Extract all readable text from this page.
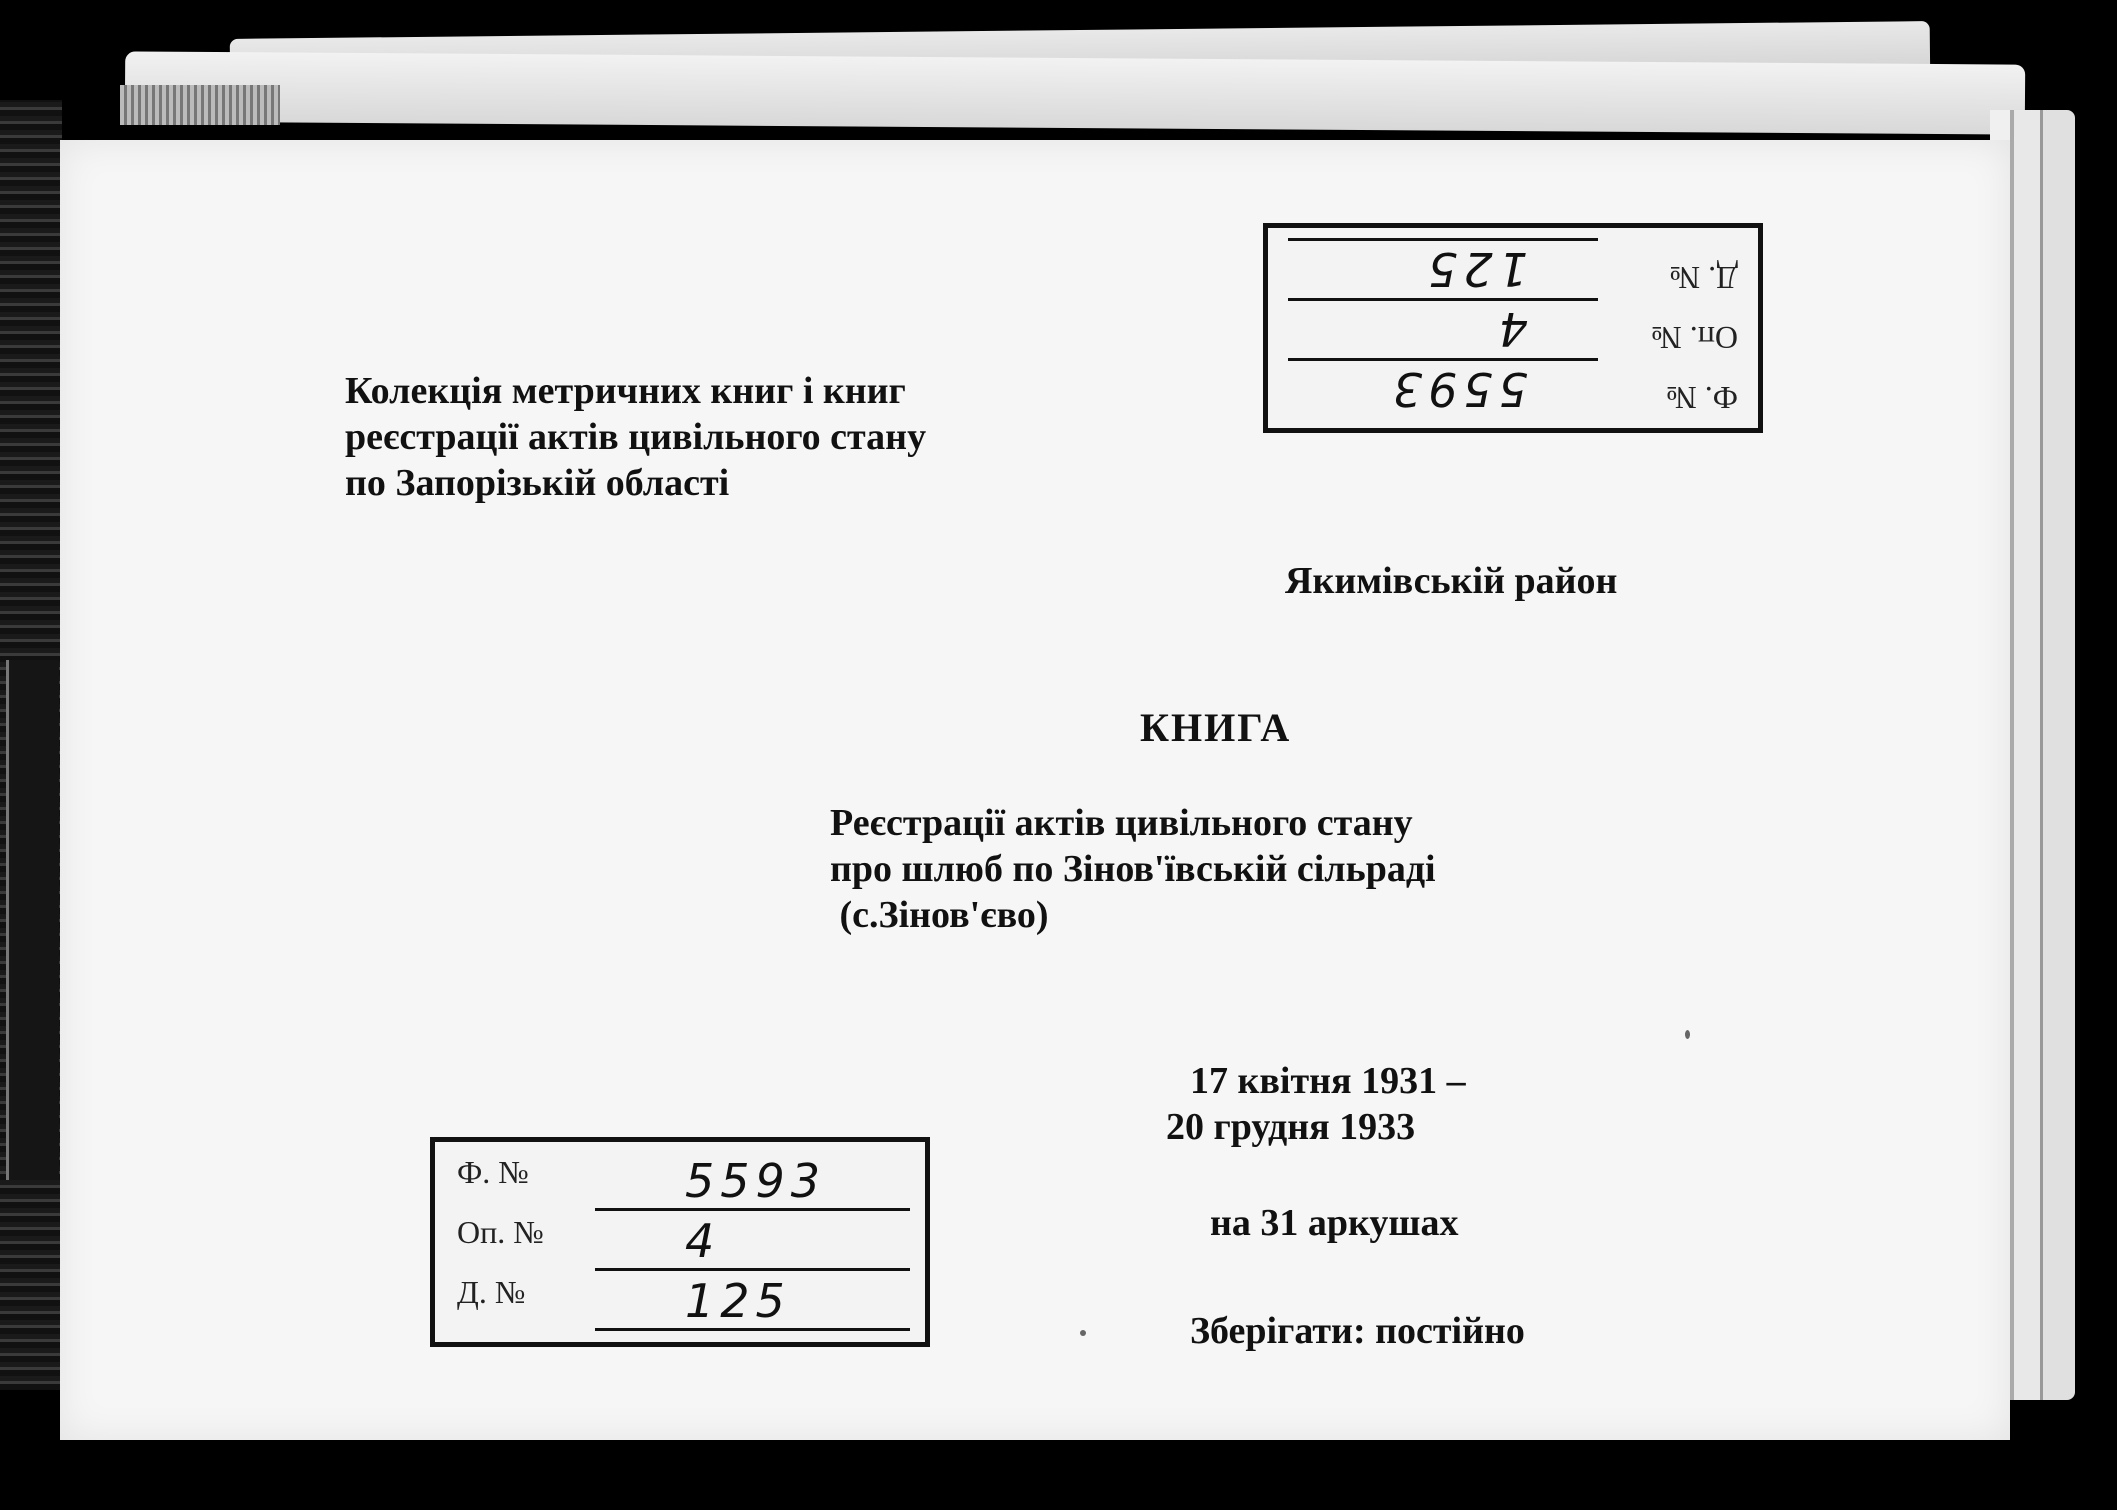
Ф. №
5593
Оп. №
4
Д. №
125
Колекція метричних книг і книг
реєстрації актів цивільного стану
по Запорізькій області
Якимівській район
КНИГА
Реєстрації актів цивільного стану
про шлюб по Зінов'ївській сільраді
(с.Зінов'єво)
17 квітня 1931 –
20 грудня 1933
на 31 аркушах
Зберігати: постійно
Ф. №	5593
Оп. №	4
Д. №	125
